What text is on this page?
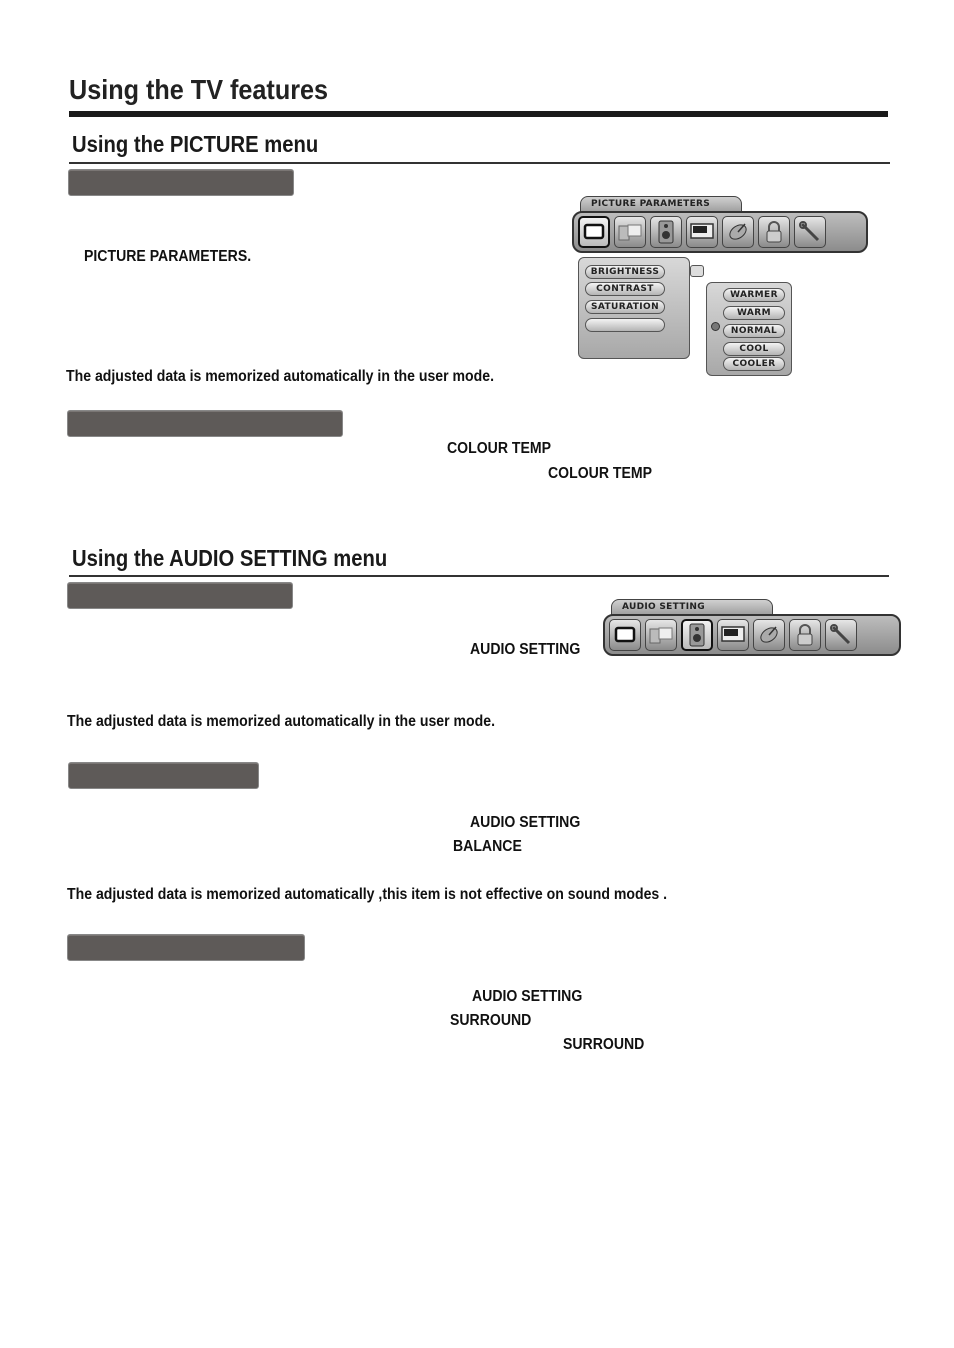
Using the TV features
Using the PICTURE menu
PICTURE PARAMETERS.
PICTURE PARAMETERS
BRIGHTNESS
CONTRAST
SATURATION
WARMER
WARM
NORMAL
COOL
COOLER
The adjusted data is memorized automatically in the user mode.
COLOUR TEMP
COLOUR TEMP
Using the AUDIO SETTING menu
AUDIO SETTING
AUDIO SETTING
The adjusted data is memorized automatically in the user mode.
AUDIO SETTING
BALANCE
The adjusted data is memorized automatically ,this item is not effective on sound modes .
AUDIO SETTING
SURROUND
SURROUND
